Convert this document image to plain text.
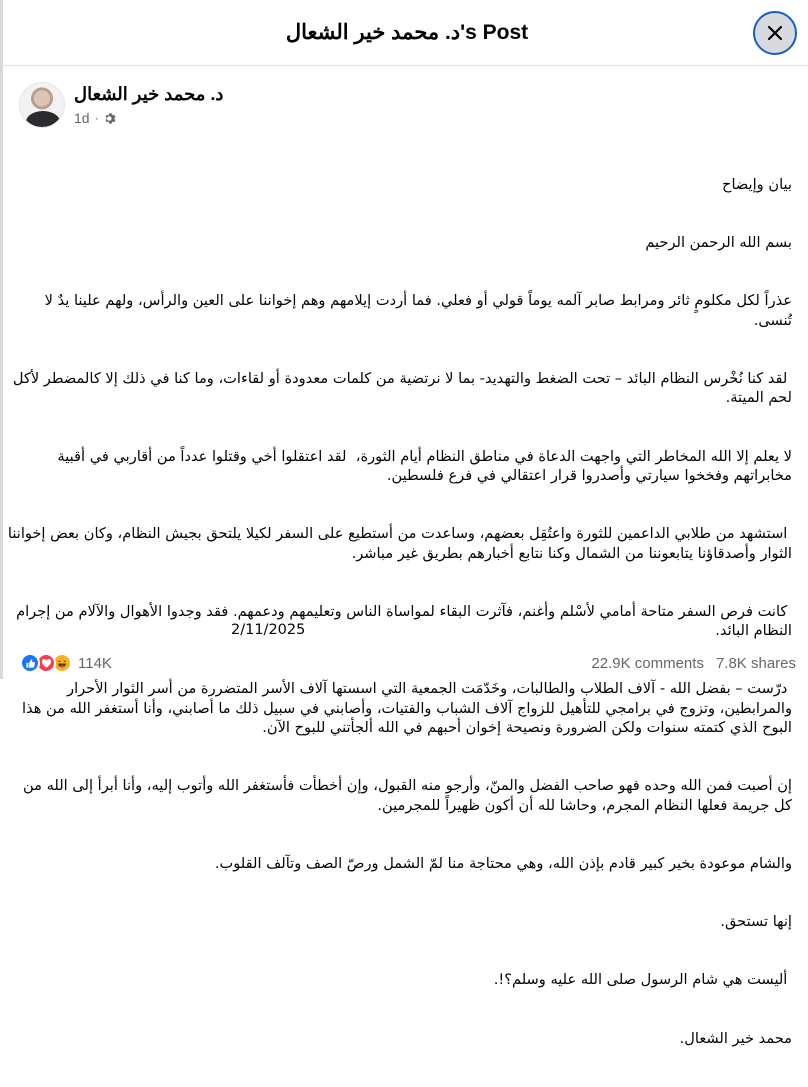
د. محمد خير الشعال's Post
د. محمد خير الشعال
1d ·

بيان وإيضاح

بسم الله الرحمن الرحيم

عذراً لكل مكلومٍ ثائر ومرابط صابر آلمه يوماً قولي أو فعلي. فما أردت إيلامهم وهم إخواننا على العين والرأس، ولهم علينا يدٌ لا تُنسى.

لقد كنا نُخْرس النظام البائد – تحت الضغط والتهديد- بما لا نرتضية من كلمات معدودة أو لقاءات، وما كنا في ذلك إلا كالمضطر لأكل لحم الميتة.

لا يعلم إلا الله المخاطر التي واجهت الدعاة في مناطق النظام أيام الثورة،  لقد اعتقلوا أخي وقتلوا عدداً من أقاربي في أقبية مخابراتهم وفخخوا سيارتي وأصدروا قرار اعتقالي في فرع فلسطين.

استشهد من طلابي الداعمين للثورة واعتُقِل بعضهم، وساعدت من أستطيع على السفر لكيلا يلتحق بجيش النظام، وكان بعض إخواننا الثوار وأصدقاؤنا يتابعوننا من الشمال وكنا نتابع أخبارهم بطريق غير مباشر.

كانت فرص السفر متاحة أمامي لأسْلم وأغنم، فآثرت البقاء لمواساة الناس وتعليمهم ودعمهم. فقد وجدوا الأهوال والآلام من إجرام النظام البائد.

درّست – بفضل الله - آلاف الطلاب والطالبات، وخَدّمَت الجمعية التي اسستها آلاف الأسر المتضررة من أسر الثوار الأحرار والمرابطين، وتزوج في برامجي للتأهيل للزواج آلاف الشباب والفتيات، وأصابني في سبيل ذلك ما أصابني، وأنا أستغفر الله من هذا البوح الذي كتمته سنوات ولكن الضرورة ونصيحة إخوان أحبهم في الله ألجأتني للبوح الآن.

إن أصبت فمن الله وحده فهو صاحب الفضل والمنّ، وأرجو منه القبول، وإن أخطأت فأستغفر الله وأتوب إليه، وأنا أبرأ إلى الله من كل جريمة فعلها النظام المجرم، وحاشا لله أن أكون ظهيراً للمجرمين.

والشام موعودة بخير كبير قادم بإذن الله، وهي محتاجة منا لمّ الشمل ورصّ الصف وتآلف القلوب.

إنها تستحق.

أليست هي شام الرسول صلى الله عليه وسلم؟!.

محمد خير الشعال.

2/11/2025
114K	22.9K comments 7.8K shares
